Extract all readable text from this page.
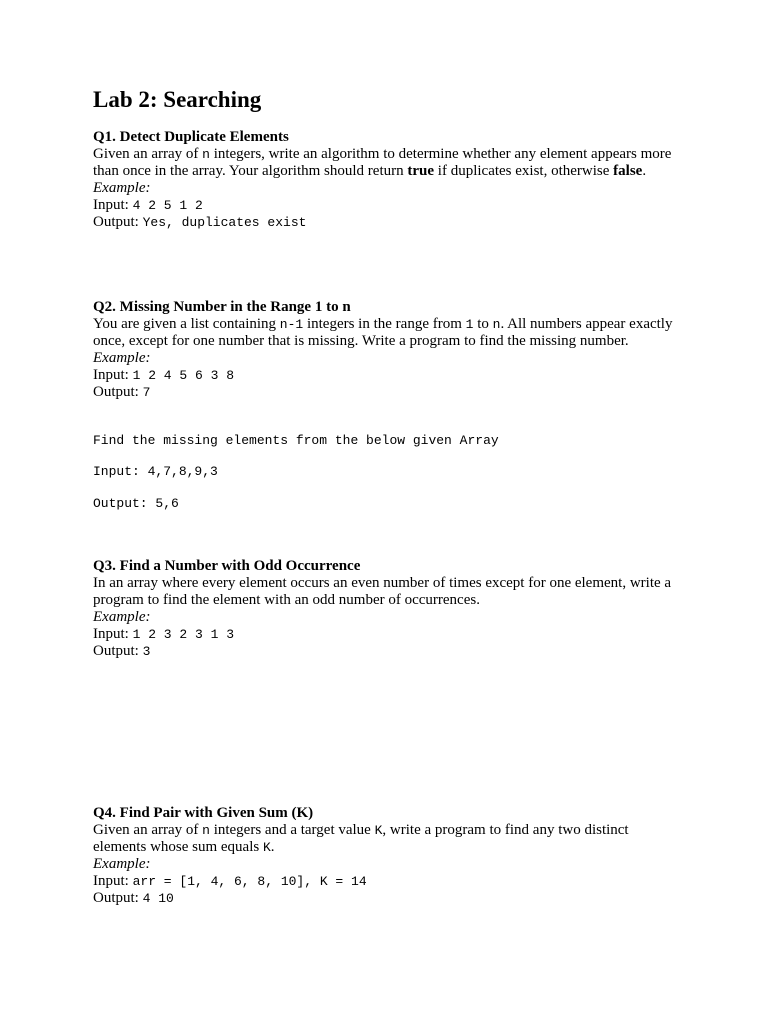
Lab 2: Searching

Q1. Detect Duplicate Elements

Given an array of n integers, write an algorithm to determine whether any element appears more than once in the array. Your algorithm should return true if duplicates exist, otherwise false.

Example:

Input: 4 2 5 1 2

Output: Yes, duplicates exist

Q2. Missing Number in the Range 1 to n

You are given a list containing n-1 integers in the range from 1 to n. All numbers appear exactly once, except for one number that is missing. Write a program to find the missing number.

Example:

Input: 1 2 4 5 6 3 8

Output: 7

Find the missing elements from the below given Array
Input: 4,7,8,9,3
Output: 5,6

Q3. Find a Number with Odd Occurrence

In an array where every element occurs an even number of times except for one element, write a program to find the element with an odd number of occurrences.

Example:

Input: 1 2 3 2 3 1 3

Output: 3

Q4. Find Pair with Given Sum (K)

Given an array of n integers and a target value K, write a program to find any two distinct elements whose sum equals K.

Example:

Input: arr = [1, 4, 6, 8, 10], K = 14

Output: 4 10
